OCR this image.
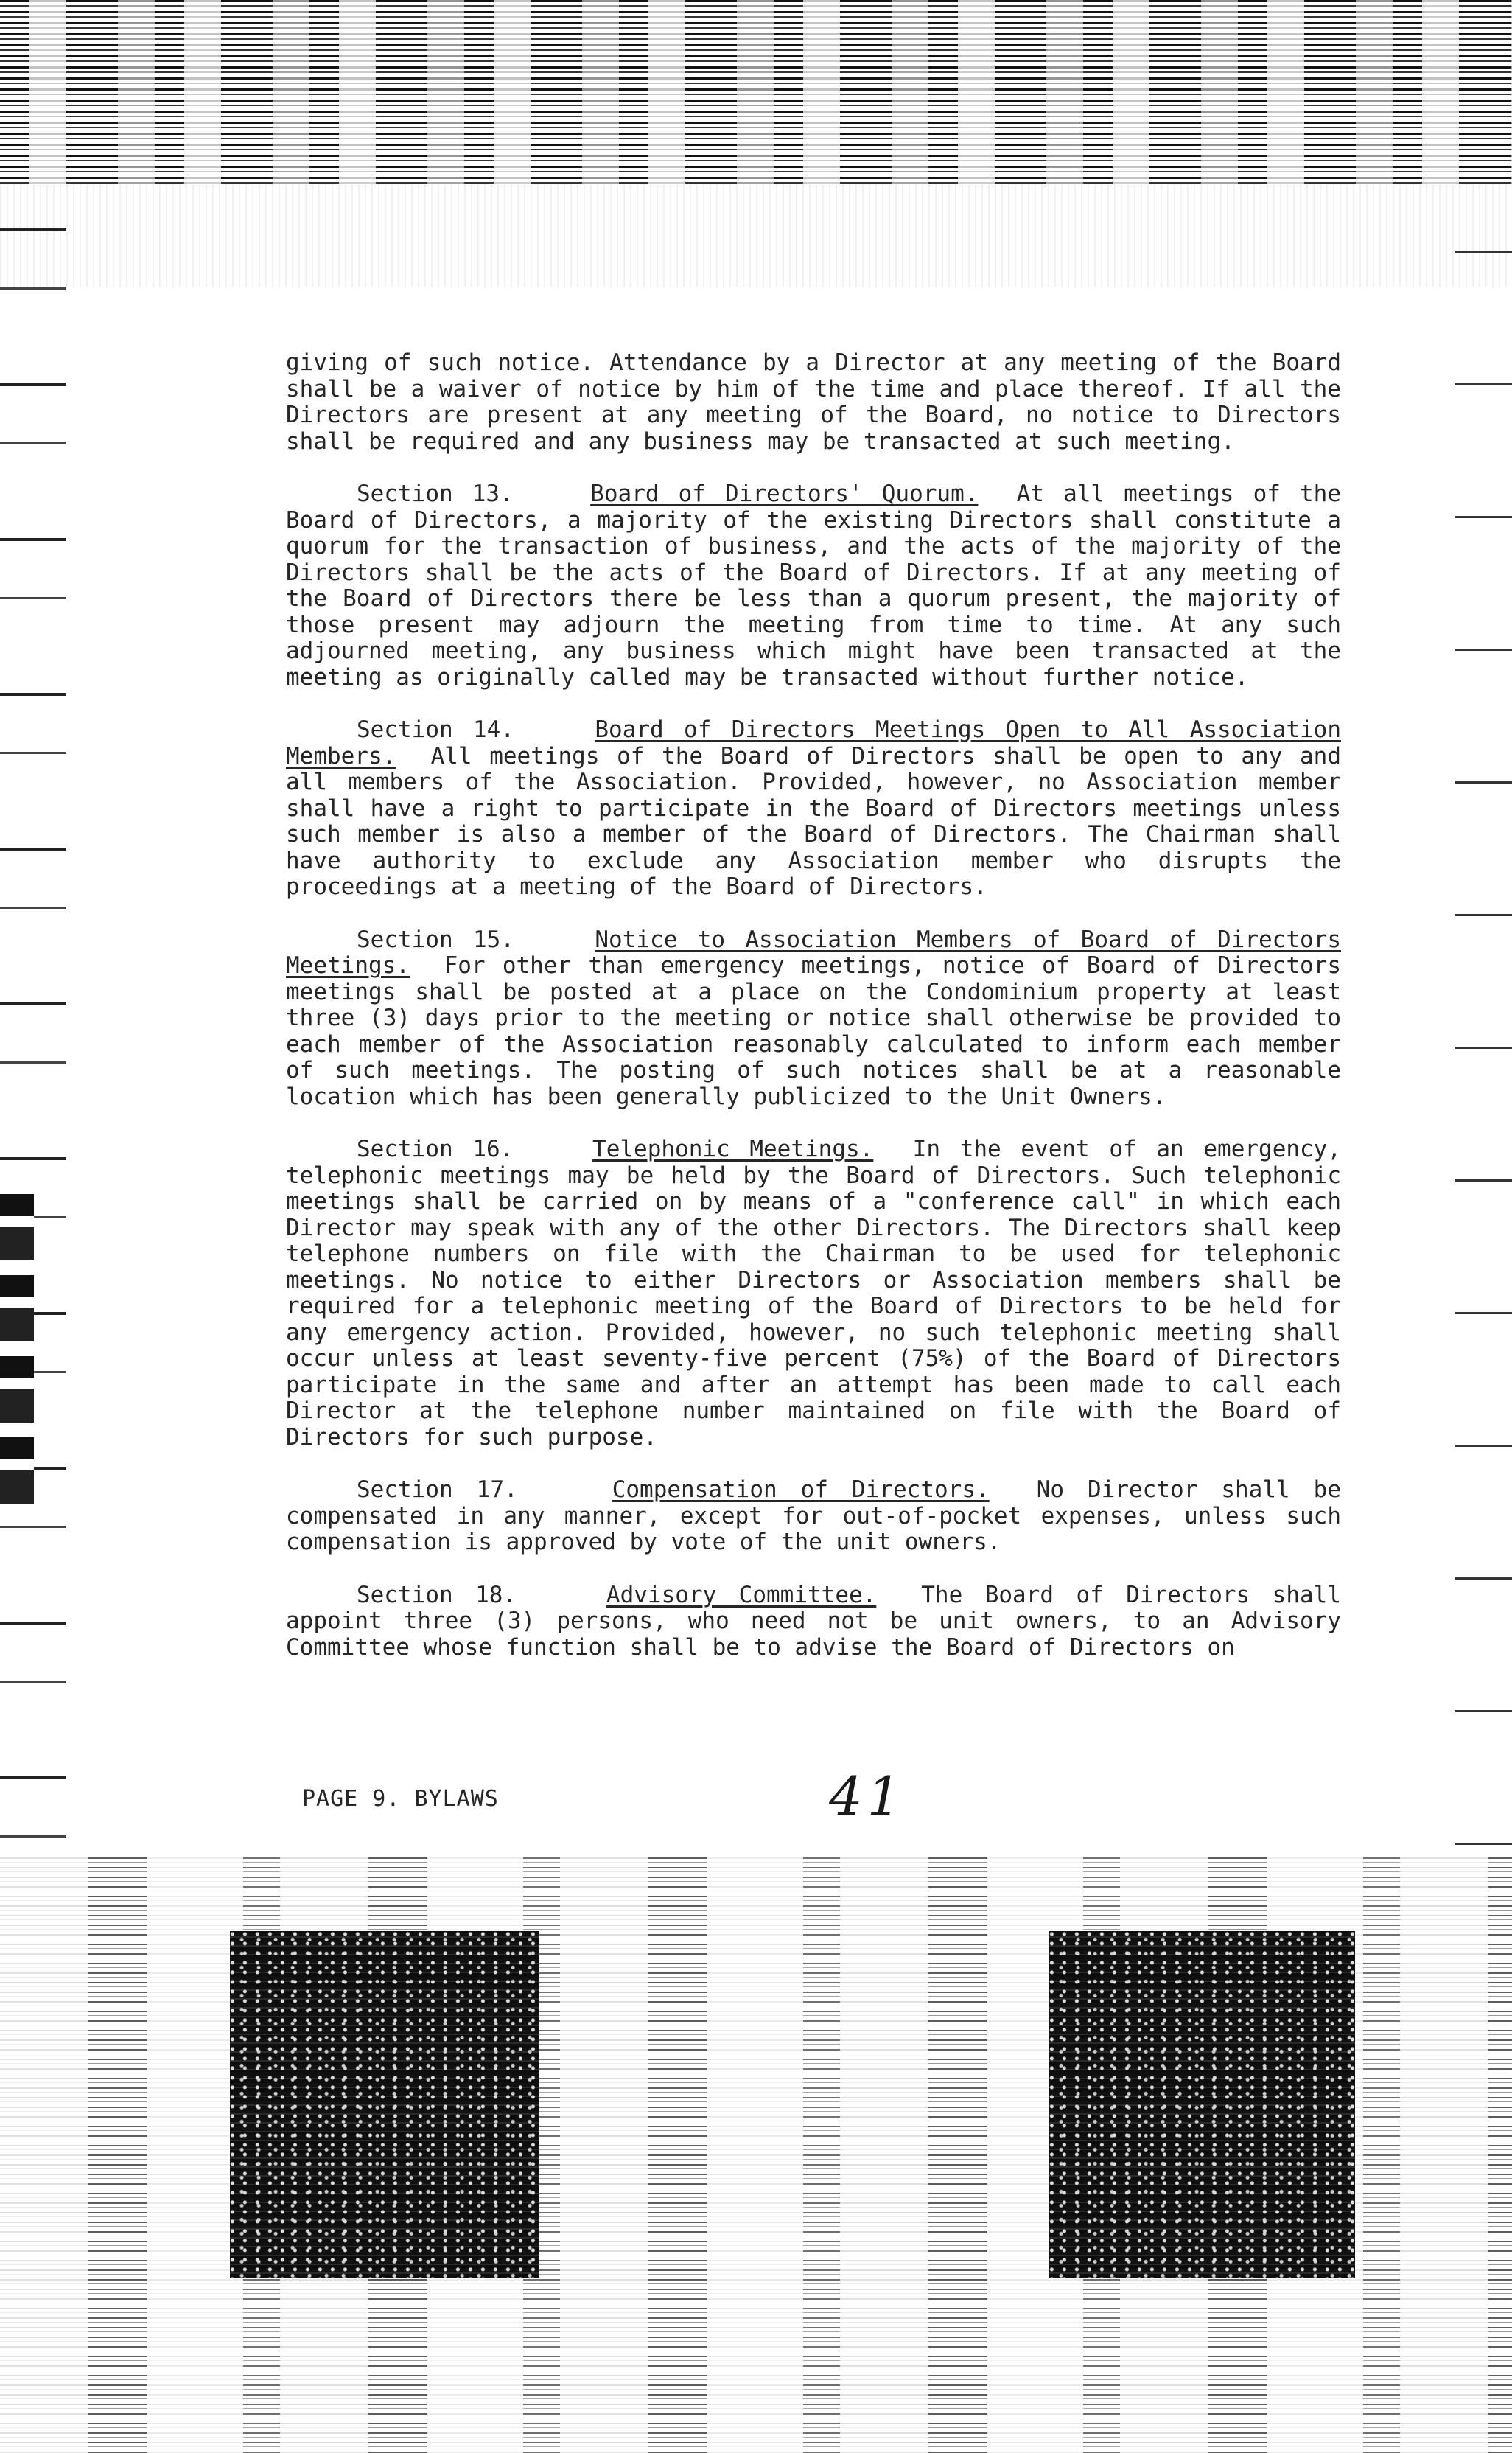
giving of such notice. Attendance by a Director at any meeting of the Board shall be a waiver of notice by him of the time and place thereof. If all the Directors are present at any meeting of the Board, no notice to Directors shall be required and any business may be transacted at such meeting.

Section 13.	Board of Directors' Quorum. At all meetings of the Board of Directors, a majority of the existing Directors shall constitute a quorum for the transaction of business, and the acts of the majority of the Directors shall be the acts of the Board of Directors. If at any meeting of the Board of Directors there be less than a quorum present, the majority of those present may adjourn the meeting from time to time. At any such adjourned meeting, any business which might have been transacted at the meeting as originally called may be transacted without further notice.

Section 14.	Board of Directors Meetings Open to All Association Members. All meetings of the Board of Directors shall be open to any and all members of the Association. Provided, however, no Association member shall have a right to participate in the Board of Directors meetings unless such member is also a member of the Board of Directors. The Chairman shall have authority to exclude any Association member who disrupts the proceedings at a meeting of the Board of Directors.

Section 15.	Notice to Association Members of Board of Directors Meetings. For other than emergency meetings, notice of Board of Directors meetings shall be posted at a place on the Condominium property at least three (3) days prior to the meeting or notice shall otherwise be provided to each member of the Association reasonably calculated to inform each member of such meetings. The posting of such notices shall be at a reasonable location which has been generally publicized to the Unit Owners.

Section 16.	Telephonic Meetings. In the event of an emergency, telephonic meetings may be held by the Board of Directors. Such telephonic meetings shall be carried on by means of a "conference call" in which each Director may speak with any of the other Directors. The Directors shall keep telephone numbers on file with the Chairman to be used for telephonic meetings. No notice to either Directors or Association members shall be required for a telephonic meeting of the Board of Directors to be held for any emergency action. Provided, however, no such telephonic meeting shall occur unless at least seventy-five percent (75%) of the Board of Directors participate in the same and after an attempt has been made to call each Director at the telephone number maintained on file with the Board of Directors for such purpose.

Section 17.	Compensation of Directors. No Director shall be compensated in any manner, except for out-of-pocket expenses, unless such compensation is approved by vote of the unit owners.

Section 18.	Advisory Committee. The Board of Directors shall appoint three (3) persons, who need not be unit owners, to an Advisory Committee whose function shall be to advise the Board of Directors on

PAGE 9. BYLAWS	41
